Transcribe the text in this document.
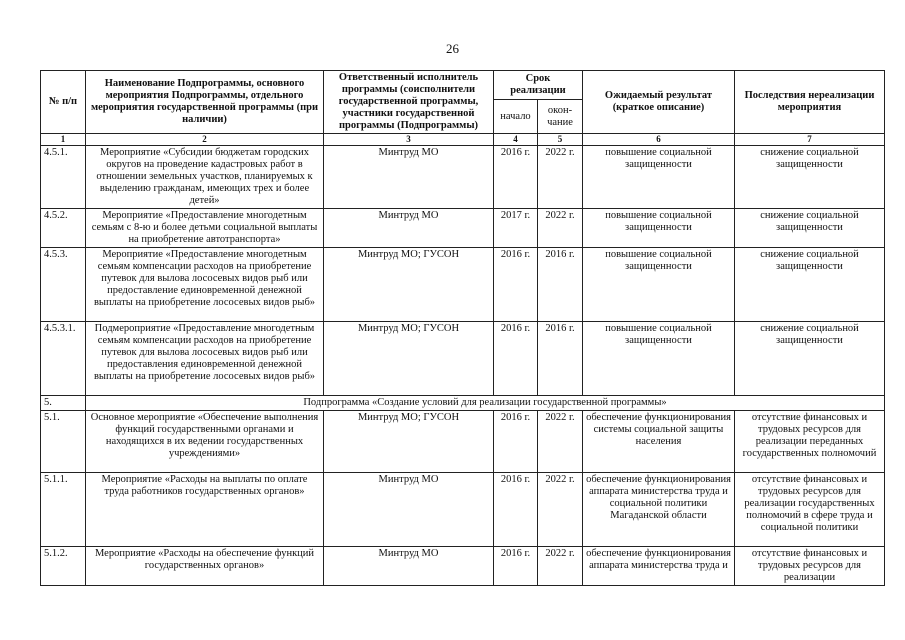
26
№ п/п	Наименование Подпрограммы, основного мероприятия Подпрограммы, отдельного мероприятия государственной программы (при наличии)	Ответственный исполнитель программы (соисполнители государственной программы, участники государственной программы (Подпрограммы)	Срок реализации		Ожидаемый результат (краткое описание)	Последствия нереализации мероприятия
			начало	окон-чание		
1	2	3	4	5	6	7
4.5.1.	Мероприятие «Субсидии бюджетам городских округов на проведение кадастровых работ в отношении земельных участков, планируемых к выделению гражданам, имеющих трех и более детей»	Минтруд МО	2016 г.	2022 г.	повышение социальной защищенности	снижение социальной защищенности
4.5.2.	Мероприятие «Предоставление многодетным семьям с 8-ю и более детьми социальной выплаты на приобретение автотранспорта»	Минтруд МО	2017 г.	2022 г.	повышение социальной защищенности	снижение социальной защищенности
4.5.3.	Мероприятие «Предоставление многодетным семьям компенсации расходов на приобретение путевок для вылова лососевых видов рыб или предоставление единовременной денежной выплаты на приобретение лососевых видов рыб»	Минтруд МО; ГУСОН	2016 г.	2016 г.	повышение социальной защищенности	снижение социальной защищенности
4.5.3.1.	Подмероприятие «Предоставление многодетным семьям компенсации расходов на приобретение путевок для вылова лососевых видов рыб или предоставления единовременной денежной выплаты на приобретение лососевых видов рыб»	Минтруд МО; ГУСОН	2016 г.	2016 г.	повышение социальной защищенности	снижение социальной защищенности
5.	Подпрограмма «Создание условий для реализации государственной программы»					
5.1.	Основное мероприятие «Обеспечение выполнения функций государственными органами и находящихся в их ведении государственных учреждениями»	Минтруд МО; ГУСОН	2016 г.	2022 г.	обеспечение функционирования системы социальной защиты населения	отсутствие финансовых и трудовых ресурсов для реализации переданных государственных полномочий
5.1.1.	Мероприятие «Расходы на выплаты по оплате труда работников государственных органов»	Минтруд МО	2016 г.	2022 г.	обеспечение функционирования аппарата министерства труда и социальной политики Магаданской области	отсутствие финансовых и трудовых ресурсов для реализации государственных полномочий в сфере труда и социальной политики
5.1.2.	Мероприятие «Расходы на обеспечение функций государственных органов»	Минтруд МО	2016 г.	2022 г.	обеспечение функционирования аппарата министерства труда и	отсутствие финансовых и трудовых ресурсов для реализации
